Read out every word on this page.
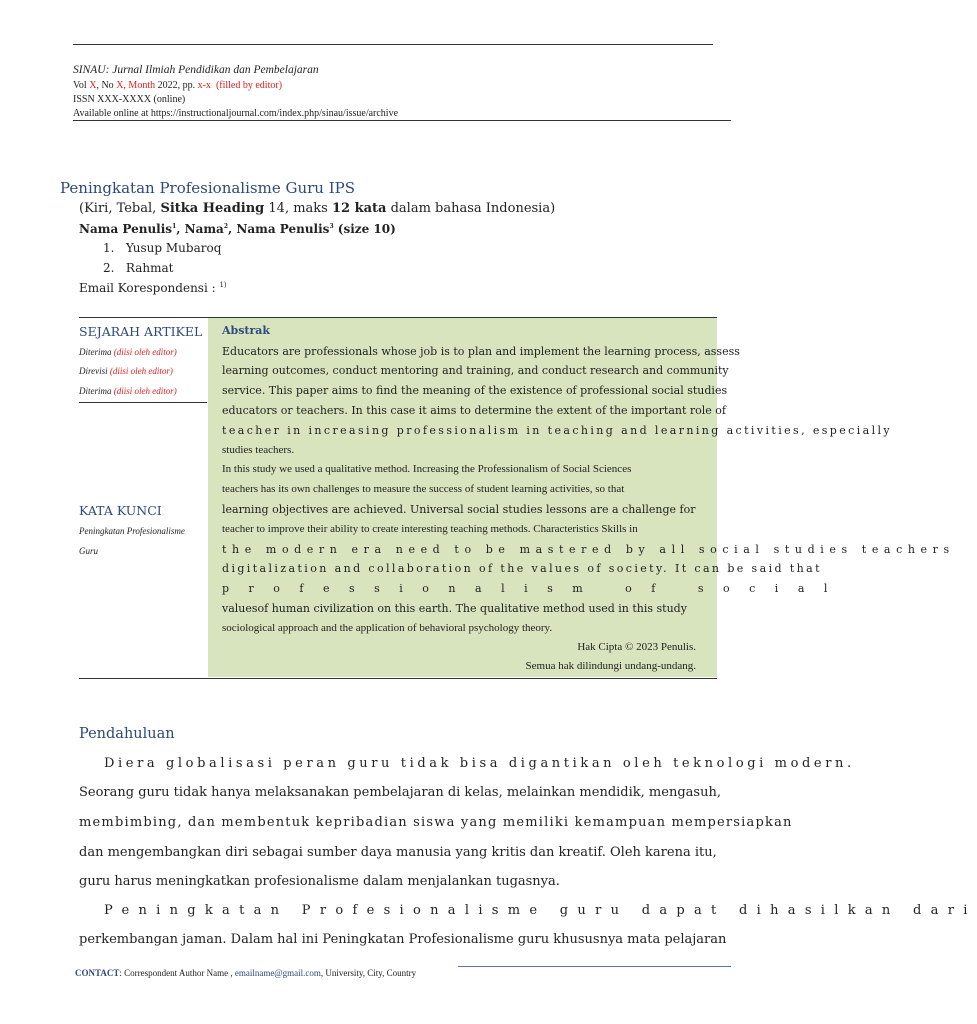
SINAU: Jurnal Ilmiah Pendidikan dan Pembelajaran
Vol X, No X, Month 2022, pp. x-x (filled by editor)
ISSN XXX-XXXX (online)
Available online at https://instructionaljournal.com/index.php/sinau/issue/archive
Peningkatan Profesionalisme Guru IPS
(Kiri, Tebal, Sitka Heading 14, maks 12 kata dalam bahasa Indonesia)
Nama Penulis$^1$, Nama$^2$, Nama Penulis$^3$ (size 10)
1. Yusup Mubaroq
2. Rahmat
Email Korespondensi : $^{1)}$
SEJARAH ARTIKEL
Diterima (diisi oleh editor)
Direvisi (diisi oleh editor)
Diterima (diisi oleh editor)
KATA KUNCI
Peningkatan Profesionalisme
Guru
Abstrak
Educators are professionals whose job is to plan and implement the learning process, assess
learning outcomes, conduct mentoring and training, and conduct research and community
service. This paper aims to find the meaning of the existence of professional social studies
educators or teachers. In this case it aims to determine the extent of the important role of
teacher in increasing professionalism in teaching and learning activities, especially
studies teachers.
In this study we used a qualitative method. Increasing the Professionalism of Social Sciences
teachers has its own challenges to measure the success of student learning activities, so that
learning objectives are achieved. Universal social studies lessons are a challenge for
teacher to improve their ability to create interesting teaching methods. Characteristics Skills in
the modern era need to be mastered by all social studies teachers
digitalization and collaboration of the values of society. It can be said that
professionalism of social
valuesof human civilization on this earth. The qualitative method used in this study
sociological approach and the application of behavioral psychology theory.
Hak Cipta © 2023 Penulis.
Semua hak dilindungi undang-undang.
Pendahuluan
Diera globalisasi peran guru tidak bisa digantikan oleh teknologi modern.
Seorang guru tidak hanya melaksanakan pembelajaran di kelas, melainkan mendidik, mengasuh,
membimbing, dan membentuk kepribadian siswa yang memiliki kemampuan mempersiapkan
dan mengembangkan diri sebagai sumber daya manusia yang kritis dan kreatif. Oleh karena itu,
guru harus meningkatkan profesionalisme dalam menjalankan tugasnya.
Peningkatan Profesionalisme guru dapat dihasilkan dari
perkembangan jaman. Dalam hal ini Peningkatan Profesionalisme guru khususnya mata pelajaran
CONTACT: Correspondent Author Name , emailname@gmail.com, University, City, Country
